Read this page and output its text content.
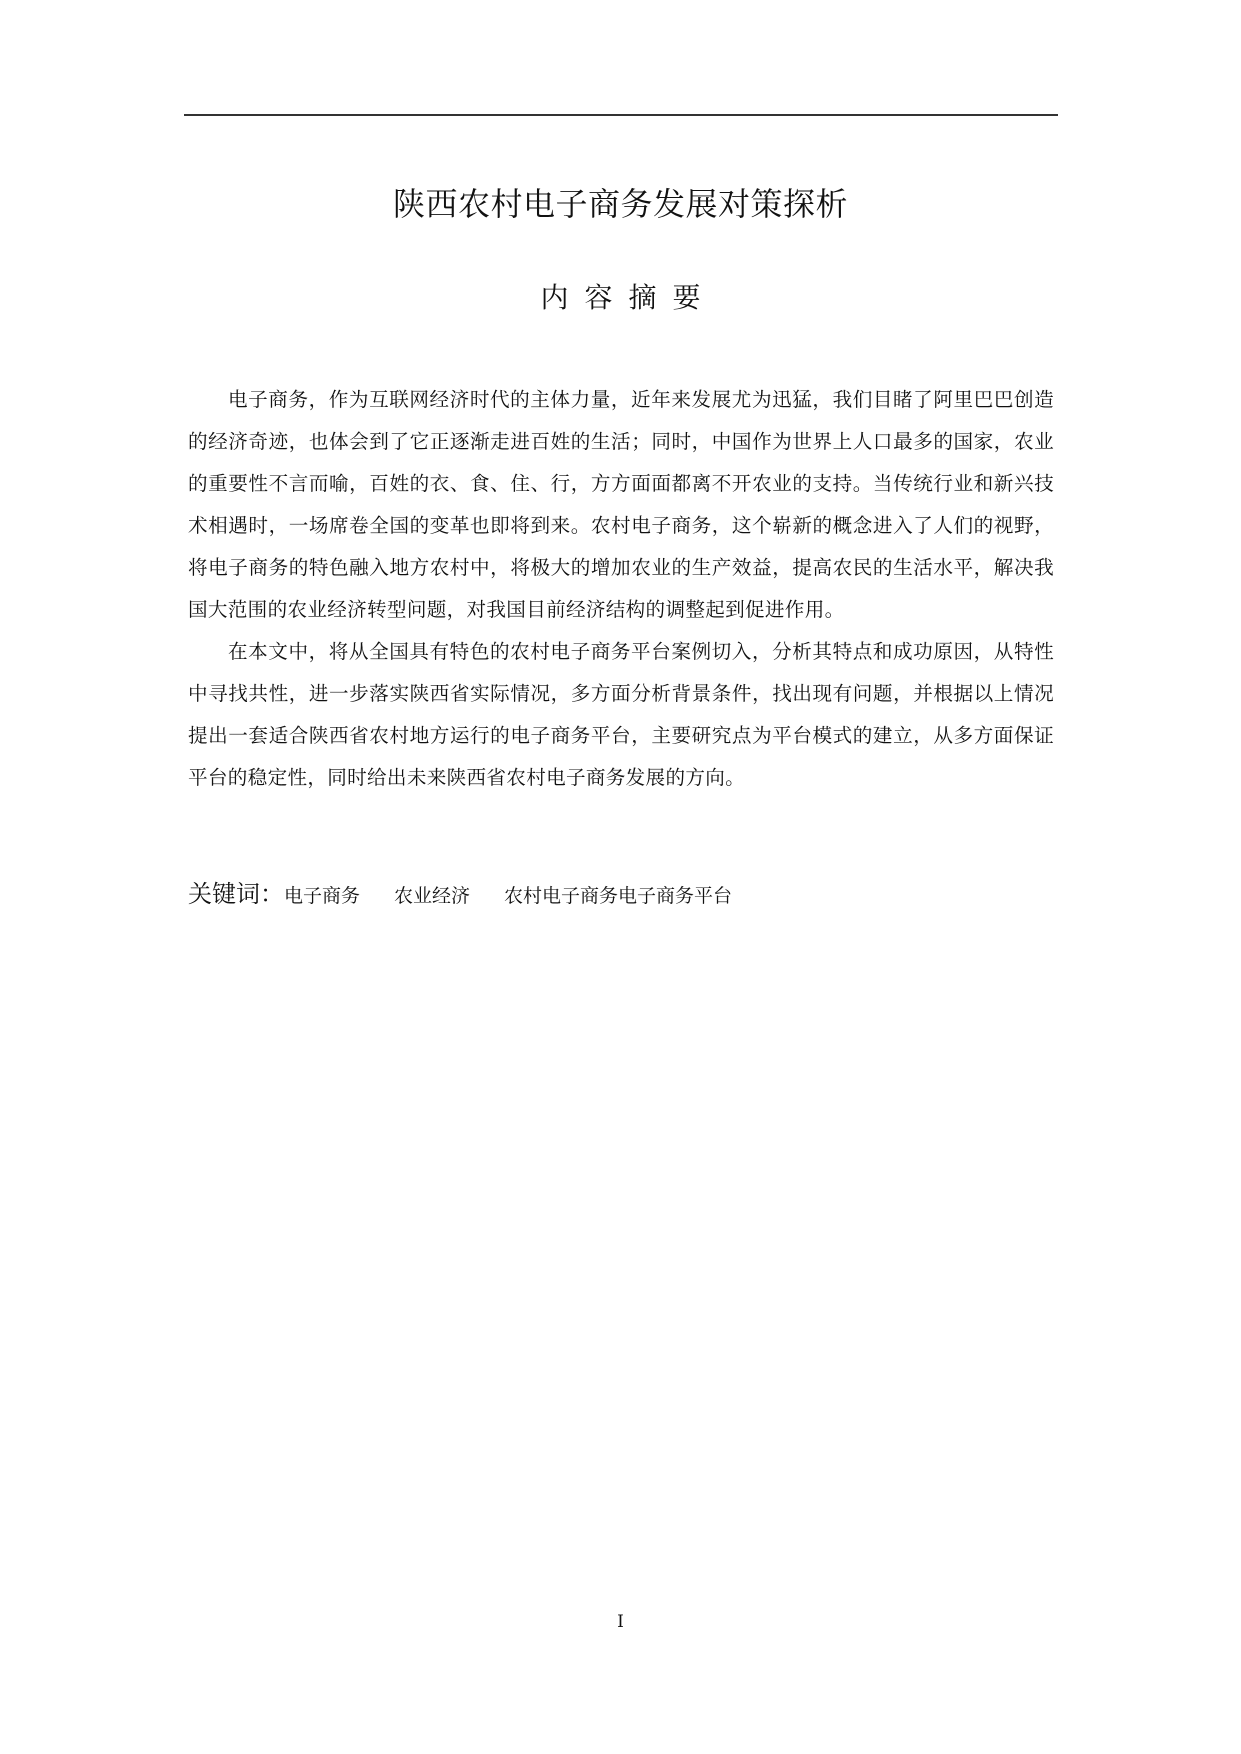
陕西农村电子商务发展对策探析
内容摘要

电子商务，作为互联网经济时代的主体力量，近年来发展尤为迅猛，我们目睹了阿里巴巴创造的经济奇迹，也体会到了它正逐渐走进百姓的生活；同时，中国作为世界上人口最多的国家，农业的重要性不言而喻，百姓的衣、食、住、行，方方面面都离不开农业的支持。当传统行业和新兴技术相遇时，一场席卷全国的变革也即将到来。农村电子商务，这个崭新的概念进入了人们的视野，将电子商务的特色融入地方农村中，将极大的增加农业的生产效益，提高农民的生活水平，解决我国大范围的农业经济转型问题，对我国目前经济结构的调整起到促进作用。

在本文中，将从全国具有特色的农村电子商务平台案例切入，分析其特点和成功原因，从特性中寻找共性，进一步落实陕西省实际情况，多方面分析背景条件，找出现有问题，并根据以上情况提出一套适合陕西省农村地方运行的电子商务平台，主要研究点为平台模式的建立，从多方面保证平台的稳定性，同时给出未来陕西省农村电子商务发展的方向。

关键词：电子商务 农业经济 农村电子商务电子商务平台
I
